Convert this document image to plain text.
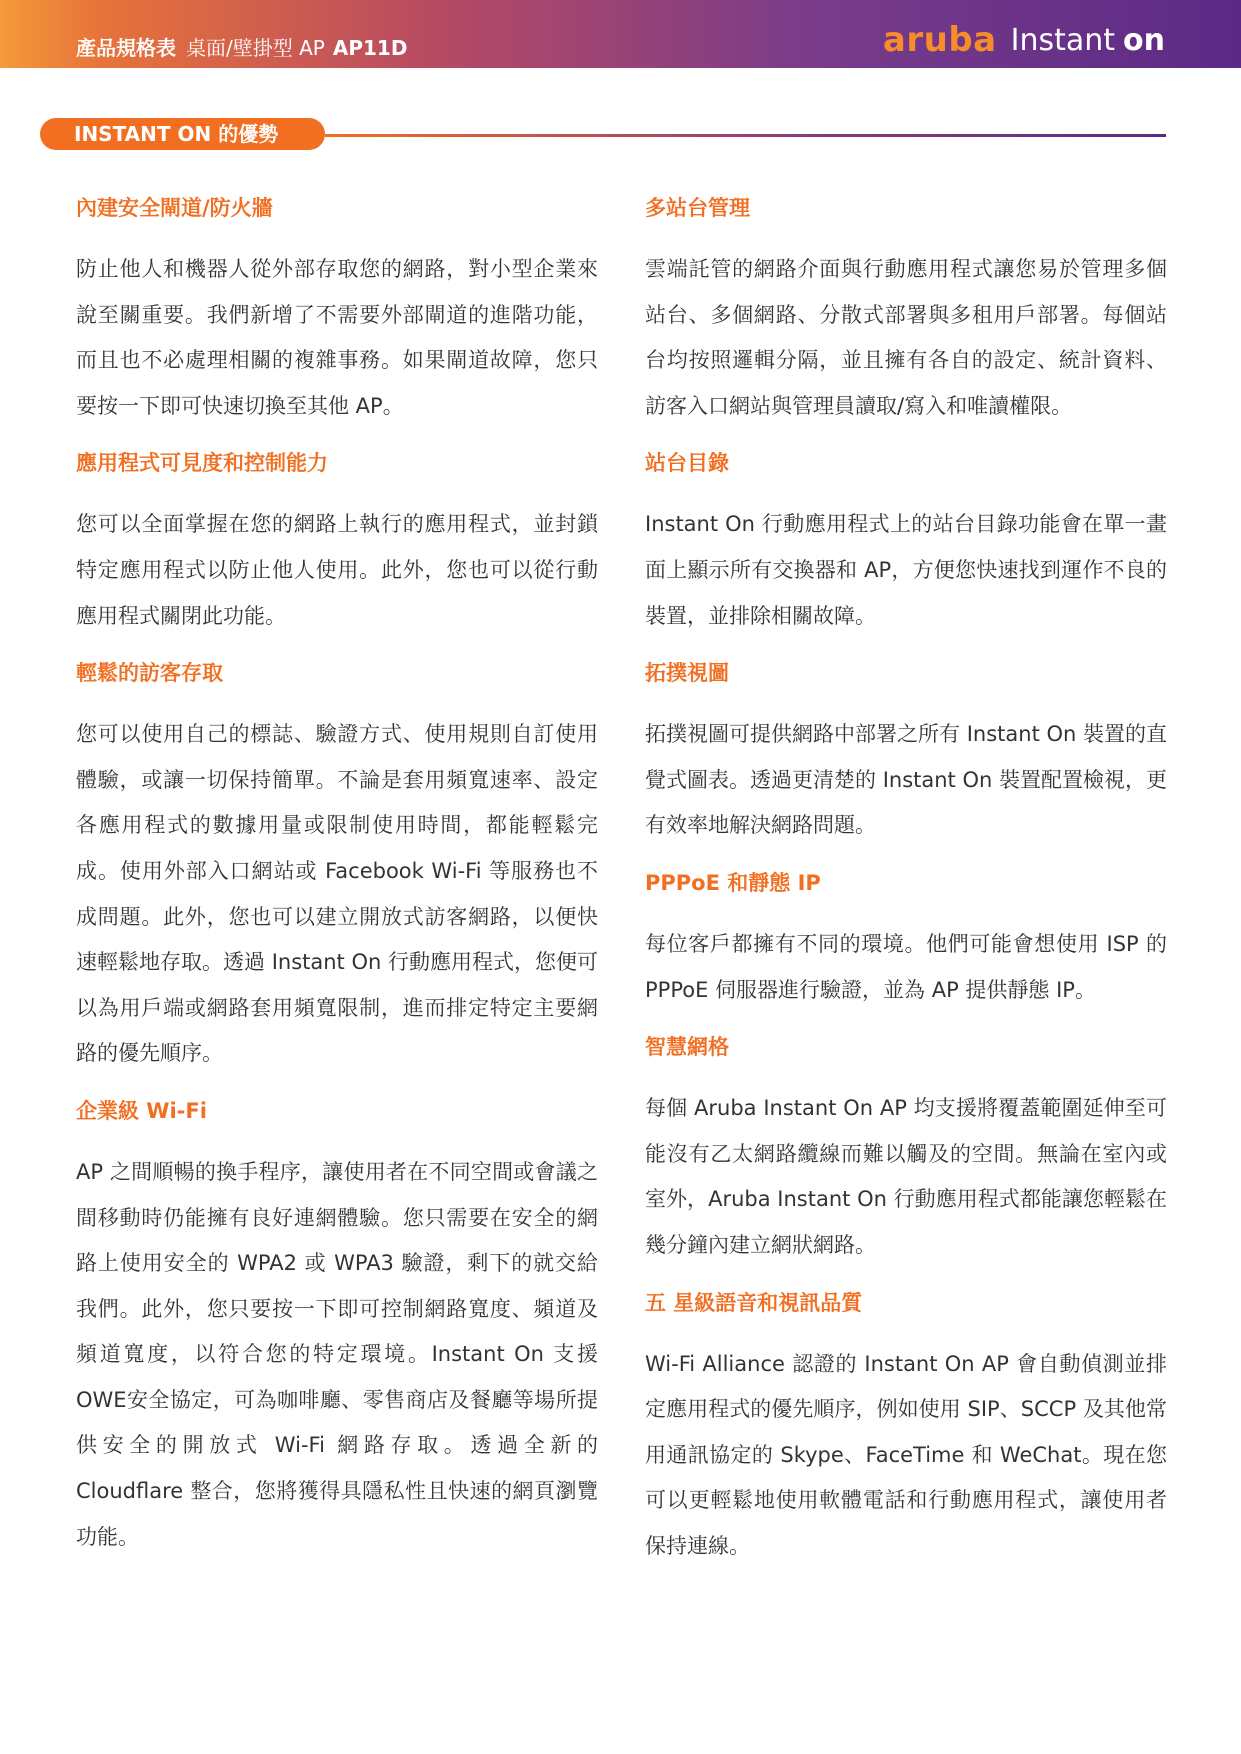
產品規格表 桌面/壁掛型 AP AP11D	aruba Instant on
INSTANT ON 的優勢
內建安全閘道/防火牆
防止他人和機器人從外部存取您的網路，對小型企業來說至關重要。我們新增了不需要外部閘道的進階功能，而且也不必處理相關的複雜事務。如果閘道故障，您只要按一下即可快速切換至其他 AP。
應用程式可見度和控制能力
您可以全面掌握在您的網路上執行的應用程式，並封鎖特定應用程式以防止他人使用。此外，您也可以從行動應用程式關閉此功能。
輕鬆的訪客存取
您可以使用自己的標誌、驗證方式、使用規則自訂使用體驗，或讓一切保持簡單。不論是套用頻寬速率、設定各應用程式的數據用量或限制使用時間，都能輕鬆完成。使用外部入口網站或 Facebook Wi-Fi 等服務也不成問題。此外，您也可以建立開放式訪客網路，以便快速輕鬆地存取。透過 Instant On 行動應用程式，您便可以為用戶端或網路套用頻寬限制，進而排定特定主要網路的優先順序。
企業級 Wi-Fi
AP 之間順暢的換手程序，讓使用者在不同空間或會議之間移動時仍能擁有良好連網體驗。您只需要在安全的網路上使用安全的 WPA2 或 WPA3 驗證，剩下的就交給我們。此外，您只要按一下即可控制網路寬度、頻道及頻道寬度，以符合您的特定環境。Instant On 支援 OWE安全協定，可為咖啡廳、零售商店及餐廳等場所提供安全的開放式 Wi-Fi 網路存取。透過全新的 Cloudflare 整合，您將獲得具隱私性且快速的網頁瀏覽功能。
多站台管理
雲端託管的網路介面與行動應用程式讓您易於管理多個站台、多個網路、分散式部署與多租用戶部署。每個站台均按照邏輯分隔，並且擁有各自的設定、統計資料、訪客入口網站與管理員讀取/寫入和唯讀權限。
站台目錄
Instant On 行動應用程式上的站台目錄功能會在單一畫面上顯示所有交換器和 AP，方便您快速找到運作不良的裝置，並排除相關故障。
拓撲視圖
拓撲視圖可提供網路中部署之所有 Instant On 裝置的直覺式圖表。透過更清楚的 Instant On 裝置配置檢視，更有效率地解決網路問題。
PPPoE 和靜態 IP
每位客戶都擁有不同的環境。他們可能會想使用 ISP 的 PPPoE 伺服器進行驗證，並為 AP 提供靜態 IP。
智慧網格
每個 Aruba Instant On AP 均支援將覆蓋範圍延伸至可能沒有乙太網路纜線而難以觸及的空間。無論在室內或室外，Aruba Instant On 行動應用程式都能讓您輕鬆在幾分鐘內建立網狀網路。
五 星級語音和視訊品質
Wi-Fi Alliance 認證的 Instant On AP 會自動偵測並排定應用程式的優先順序，例如使用 SIP、SCCP 及其他常用通訊協定的 Skype、FaceTime 和 WeChat。現在您可以更輕鬆地使用軟體電話和行動應用程式，讓使用者保持連線。
